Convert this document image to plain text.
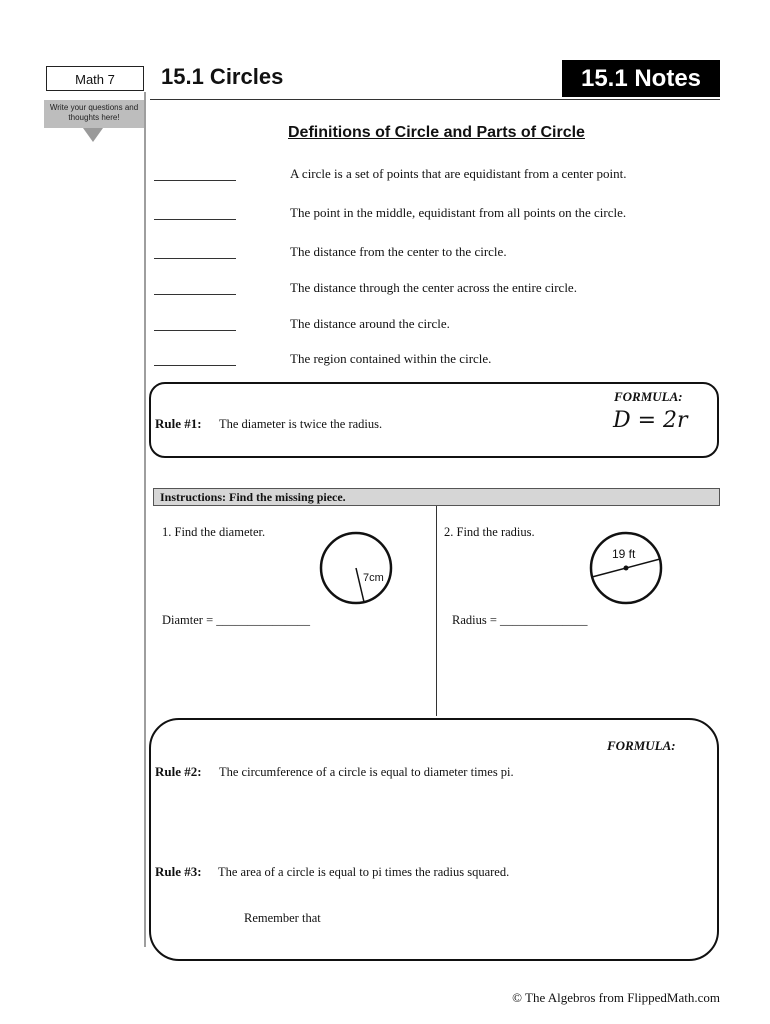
Math 7
Write your questions and thoughts here!
15.1 Circles	15.1 Notes
Definitions of Circle and Parts of Circle
A circle is a set of points that are equidistant from a center point.
The point in the middle, equidistant from all points on the circle.
The distance from the center to the circle.
The distance through the center across the entire circle.
The distance around the circle.
The region contained within the circle.
FORMULA:
D = 2r
Rule #1: The diameter is twice the radius.
Instructions: Find the missing piece.
1. Find the diameter.
7cm
Diamter = _______________
2. Find the radius.
19 ft
Radius = ______________
FORMULA:
Rule #2: The circumference of a circle is equal to diameter times pi.
Rule #3: The area of a circle is equal to pi times the radius squared.
Remember that
© The Algebros from FlippedMath.com
